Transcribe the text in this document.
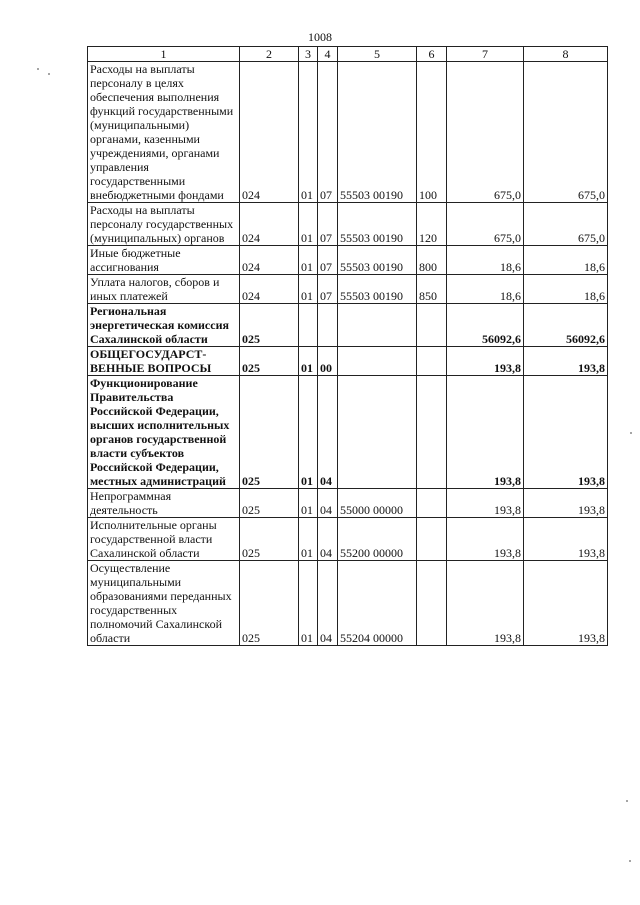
1008
1	2	3	4	5	6	7	8
Расходы на выплаты персоналу в целях обеспечения выполнения функций государственными (муниципальными) органами, казенными учреждениями, органами управления государственными внебюджетными фондами	024	01	07	55503 00190	100	675,0	675,0
Расходы на выплаты персоналу государственных (муниципальных) органов	024	01	07	55503 00190	120	675,0	675,0
Иные бюджетные ассигнования	024	01	07	55503 00190	800	18,6	18,6
Уплата налогов, сборов и иных платежей	024	01	07	55503 00190	850	18,6	18,6
Региональная энергетическая комиссия Сахалинской области	025					56092,6	56092,6
ОБЩЕГОСУДАРСТ-ВЕННЫЕ ВОПРОСЫ	025	01	00			193,8	193,8
Функционирование Правительства Российской Федерации, высших исполнительных органов государственной власти субъектов Российской Федерации, местных администраций	025	01	04			193,8	193,8
Непрограммная деятельность	025	01	04	55000 00000		193,8	193,8
Исполнительные органы государственной власти Сахалинской области	025	01	04	55200 00000		193,8	193,8
Осуществление муниципальными образованиями переданных государственных полномочий Сахалинской области	025	01	04	55204 00000		193,8	193,8
